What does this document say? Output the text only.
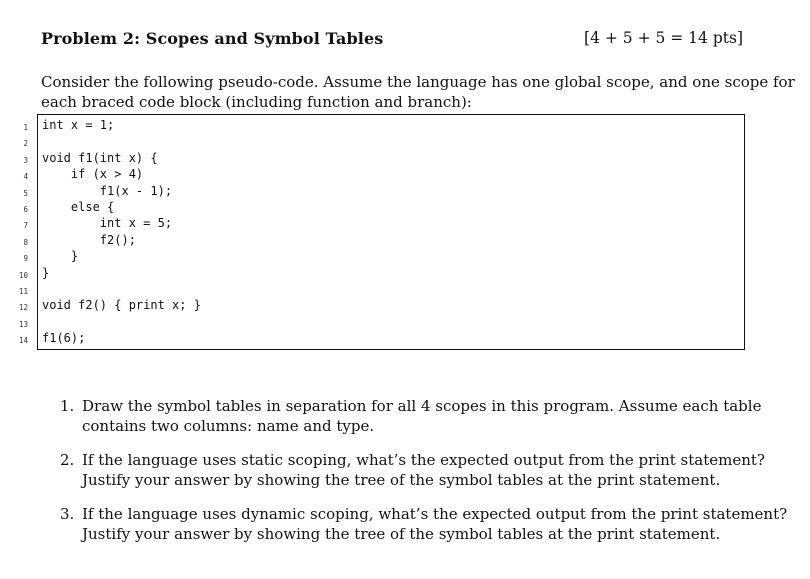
Problem 2: Scopes and Symbol Tables	[4 + 5 + 5 = 14 pts]
Consider the following pseudo-code. Assume the language has one global scope, and one scope for
each braced code block (including function and branch):
1 int x = 1;
2
3 void f1(int x) {
4 if (x > 4)
5 f1(x - 1);
6 else {
7 int x = 5;
8 f2();
9 }
10 }
11
12 void f2() { print x; }
13
14 f1(6);
1. Draw the symbol tables in separation for all 4 scopes in this program. Assume each table
contains two columns: name and type.
2. If the language uses static scoping, what’s the expected output from the print statement?
Justify your answer by showing the tree of the symbol tables at the print statement.
3. If the language uses dynamic scoping, what’s the expected output from the print statement?
Justify your answer by showing the tree of the symbol tables at the print statement.
